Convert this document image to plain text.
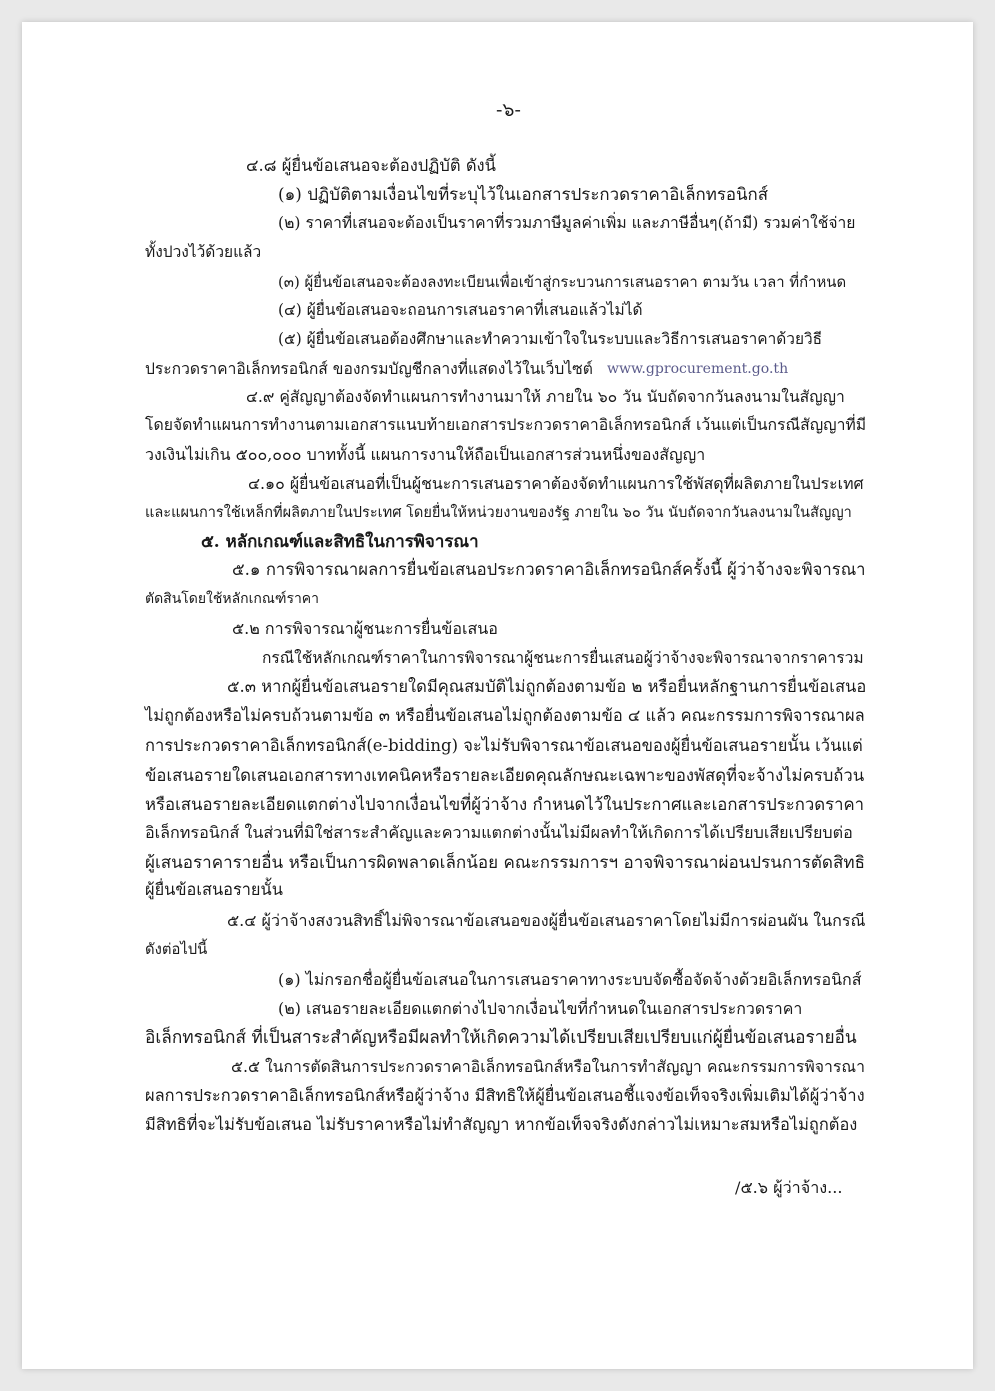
-๖-
๔.๘ ผู้ยื่นข้อเสนอจะต้องปฏิบัติ ดังนี้
(๑) ปฏิบัติตามเงื่อนไขที่ระบุไว้ในเอกสารประกวดราคาอิเล็กทรอนิกส์
(๒) ราคาที่เสนอจะต้องเป็นราคาที่รวมภาษีมูลค่าเพิ่ม และภาษีอื่นๆ(ถ้ามี) รวมค่าใช้จ่าย
ทั้งปวงไว้ด้วยแล้ว
(๓) ผู้ยื่นข้อเสนอจะต้องลงทะเบียนเพื่อเข้าสู่กระบวนการเสนอราคา ตามวัน เวลา ที่กำหนด
(๔) ผู้ยื่นข้อเสนอจะถอนการเสนอราคาที่เสนอแล้วไม่ได้
(๕) ผู้ยื่นข้อเสนอต้องศึกษาและทำความเข้าใจในระบบและวิธีการเสนอราคาด้วยวิธี
ประกวดราคาอิเล็กทรอนิกส์ ของกรมบัญชีกลางที่แสดงไว้ในเว็บไซต์ www.gprocurement.go.th
๔.๙ คู่สัญญาต้องจัดทำแผนการทำงานมาให้ ภายใน ๖๐ วัน นับถัดจากวันลงนามในสัญญา
โดยจัดทำแผนการทำงานตามเอกสารแนบท้ายเอกสารประกวดราคาอิเล็กทรอนิกส์ เว้นแต่เป็นกรณีสัญญาที่มี
วงเงินไม่เกิน ๕๐๐,๐๐๐ บาททั้งนี้ แผนการงานให้ถือเป็นเอกสารส่วนหนึ่งของสัญญา
๔.๑๐ ผู้ยื่นข้อเสนอที่เป็นผู้ชนะการเสนอราคาต้องจัดทำแผนการใช้พัสดุที่ผลิตภายในประเทศ
และแผนการใช้เหล็กที่ผลิตภายในประเทศ โดยยื่นให้หน่วยงานของรัฐ ภายใน ๖๐ วัน นับถัดจากวันลงนามในสัญญา
๕. หลักเกณฑ์และสิทธิในการพิจารณา
๕.๑ การพิจารณาผลการยื่นข้อเสนอประกวดราคาอิเล็กทรอนิกส์ครั้งนี้ ผู้ว่าจ้างจะพิจารณา
ตัดสินโดยใช้หลักเกณฑ์ราคา
๕.๒ การพิจารณาผู้ชนะการยื่นข้อเสนอ
กรณีใช้หลักเกณฑ์ราคาในการพิจารณาผู้ชนะการยื่นเสนอผู้ว่าจ้างจะพิจารณาจากราคารวม
๕.๓ หากผู้ยื่นข้อเสนอรายใดมีคุณสมบัติไม่ถูกต้องตามข้อ ๒ หรือยื่นหลักฐานการยื่นข้อเสนอ
ไม่ถูกต้องหรือไม่ครบถ้วนตามข้อ ๓ หรือยื่นข้อเสนอไม่ถูกต้องตามข้อ ๔ แล้ว คณะกรรมการพิจารณาผล
การประกวดราคาอิเล็กทรอนิกส์(e-bidding) จะไม่รับพิจารณาข้อเสนอของผู้ยื่นข้อเสนอรายนั้น เว้นแต่
ข้อเสนอรายใดเสนอเอกสารทางเทคนิคหรือรายละเอียดคุณลักษณะเฉพาะของพัสดุที่จะจ้างไม่ครบถ้วน
หรือเสนอรายละเอียดแตกต่างไปจากเงื่อนไขที่ผู้ว่าจ้าง กำหนดไว้ในประกาศและเอกสารประกวดราคา
อิเล็กทรอนิกส์ ในส่วนที่มิใช่สาระสำคัญและความแตกต่างนั้นไม่มีผลทำให้เกิดการได้เปรียบเสียเปรียบต่อ
ผู้เสนอราคารายอื่น หรือเป็นการผิดพลาดเล็กน้อย คณะกรรมการฯ อาจพิจารณาผ่อนปรนการตัดสิทธิ
ผู้ยื่นข้อเสนอรายนั้น
๕.๔ ผู้ว่าจ้างสงวนสิทธิ์ไม่พิจารณาข้อเสนอของผู้ยื่นข้อเสนอราคาโดยไม่มีการผ่อนผัน ในกรณี
ดังต่อไปนี้
(๑) ไม่กรอกชื่อผู้ยื่นข้อเสนอในการเสนอราคาทางระบบจัดซื้อจัดจ้างด้วยอิเล็กทรอนิกส์
(๒) เสนอรายละเอียดแตกต่างไปจากเงื่อนไขที่กำหนดในเอกสารประกวดราคา
อิเล็กทรอนิกส์ ที่เป็นสาระสำคัญหรือมีผลทำให้เกิดความได้เปรียบเสียเปรียบแก่ผู้ยื่นข้อเสนอรายอื่น
๕.๕ ในการตัดสินการประกวดราคาอิเล็กทรอนิกส์หรือในการทำสัญญา คณะกรรมการพิจารณา
ผลการประกวดราคาอิเล็กทรอนิกส์หรือผู้ว่าจ้าง มีสิทธิให้ผู้ยื่นข้อเสนอชี้แจงข้อเท็จจริงเพิ่มเติมได้ผู้ว่าจ้าง
มีสิทธิที่จะไม่รับข้อเสนอ ไม่รับราคาหรือไม่ทำสัญญา หากข้อเท็จจริงดังกล่าวไม่เหมาะสมหรือไม่ถูกต้อง
/๕.๖ ผู้ว่าจ้าง...
